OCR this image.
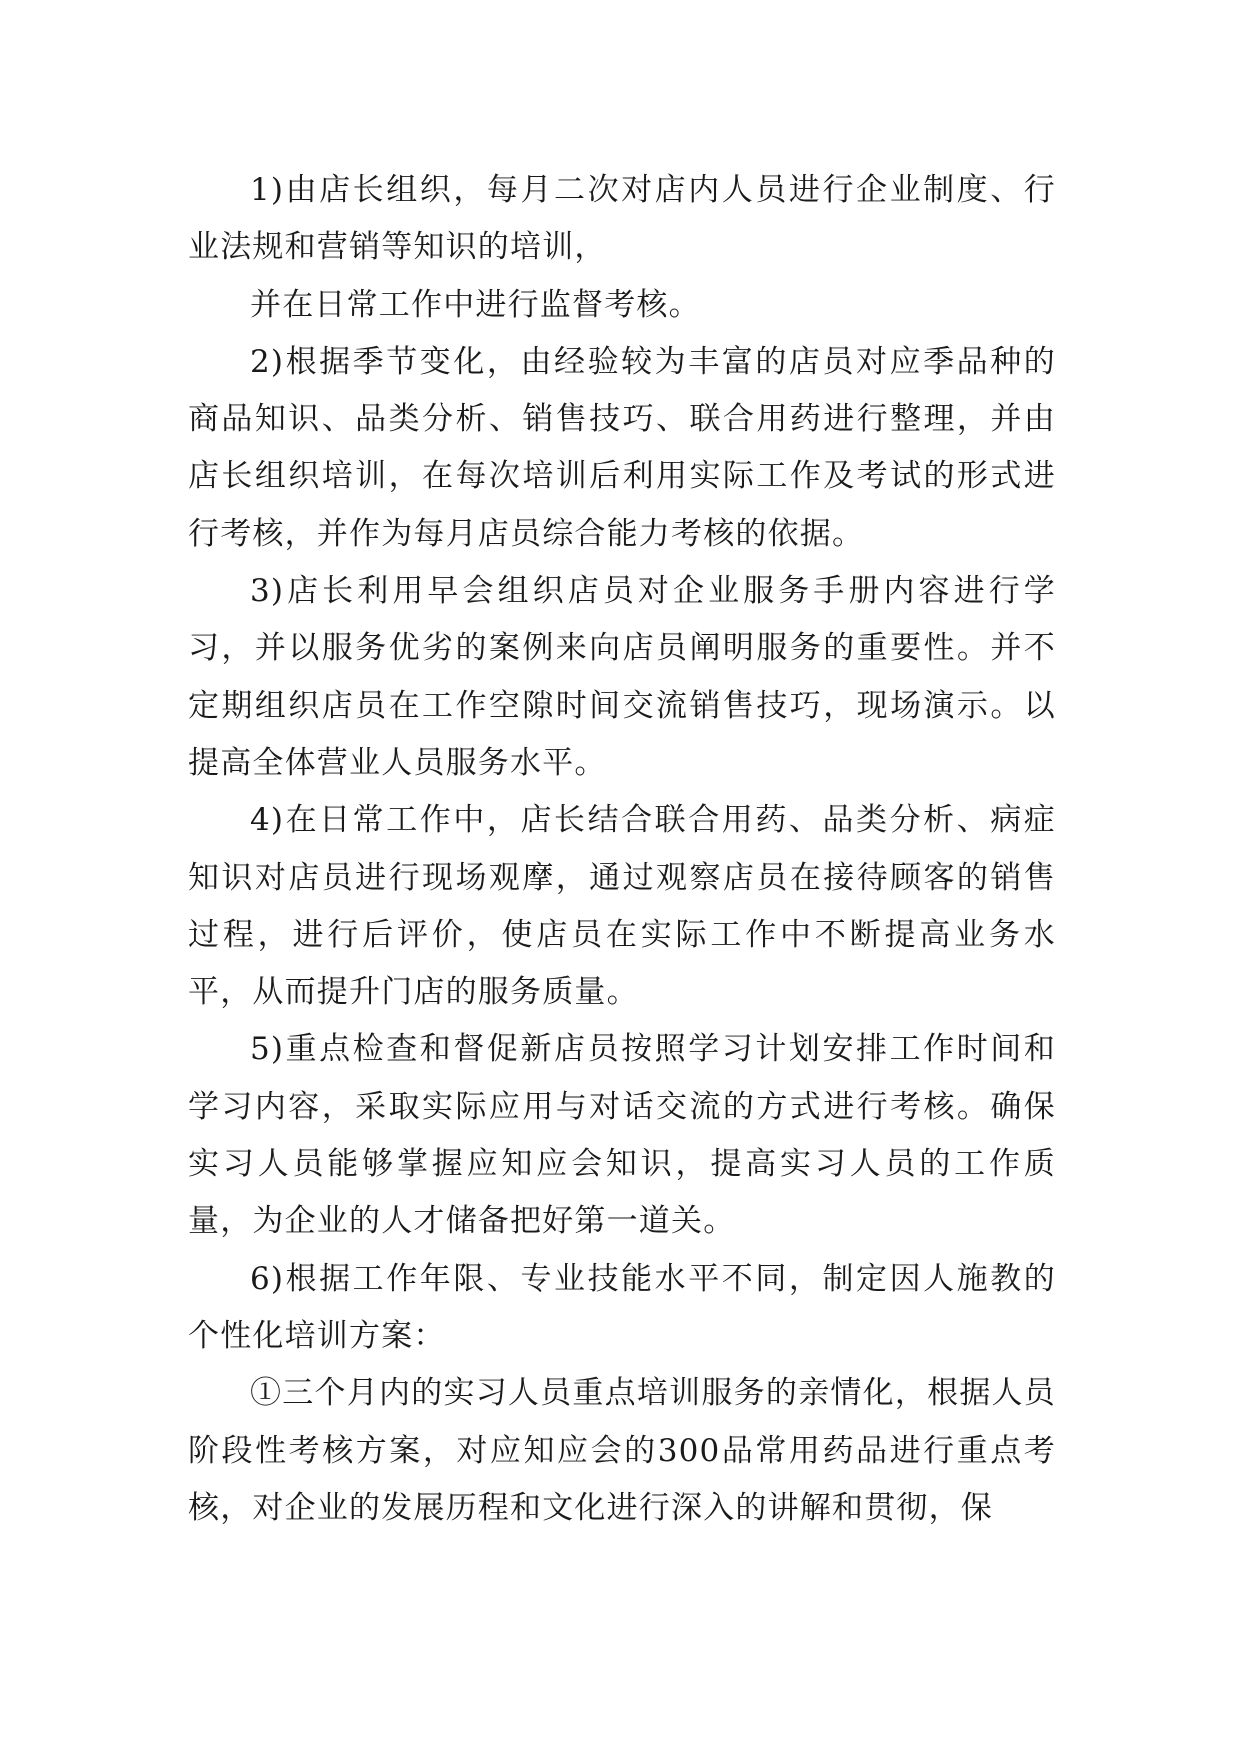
1)由店长组织，每月二次对店内人员进行企业制度、行业法规和营销等知识的培训，

并在日常工作中进行监督考核。

2)根据季节变化，由经验较为丰富的店员对应季品种的商品知识、品类分析、销售技巧、联合用药进行整理，并由店长组织培训，在每次培训后利用实际工作及考试的形式进行考核，并作为每月店员综合能力考核的依据。

3)店长利用早会组织店员对企业服务手册内容进行学习，并以服务优劣的案例来向店员阐明服务的重要性。并不定期组织店员在工作空隙时间交流销售技巧，现场演示。以提高全体营业人员服务水平。

4)在日常工作中，店长结合联合用药、品类分析、病症知识对店员进行现场观摩，通过观察店员在接待顾客的销售过程，进行后评价，使店员在实际工作中不断提高业务水平，从而提升门店的服务质量。

5)重点检查和督促新店员按照学习计划安排工作时间和学习内容，采取实际应用与对话交流的方式进行考核。确保实习人员能够掌握应知应会知识，提高实习人员的工作质量，为企业的人才储备把好第一道关。

6)根据工作年限、专业技能水平不同，制定因人施教的个性化培训方案：

①三个月内的实习人员重点培训服务的亲情化，根据人员阶段性考核方案，对应知应会的300品常用药品进行重点考核，对企业的发展历程和文化进行深入的讲解和贯彻，保
